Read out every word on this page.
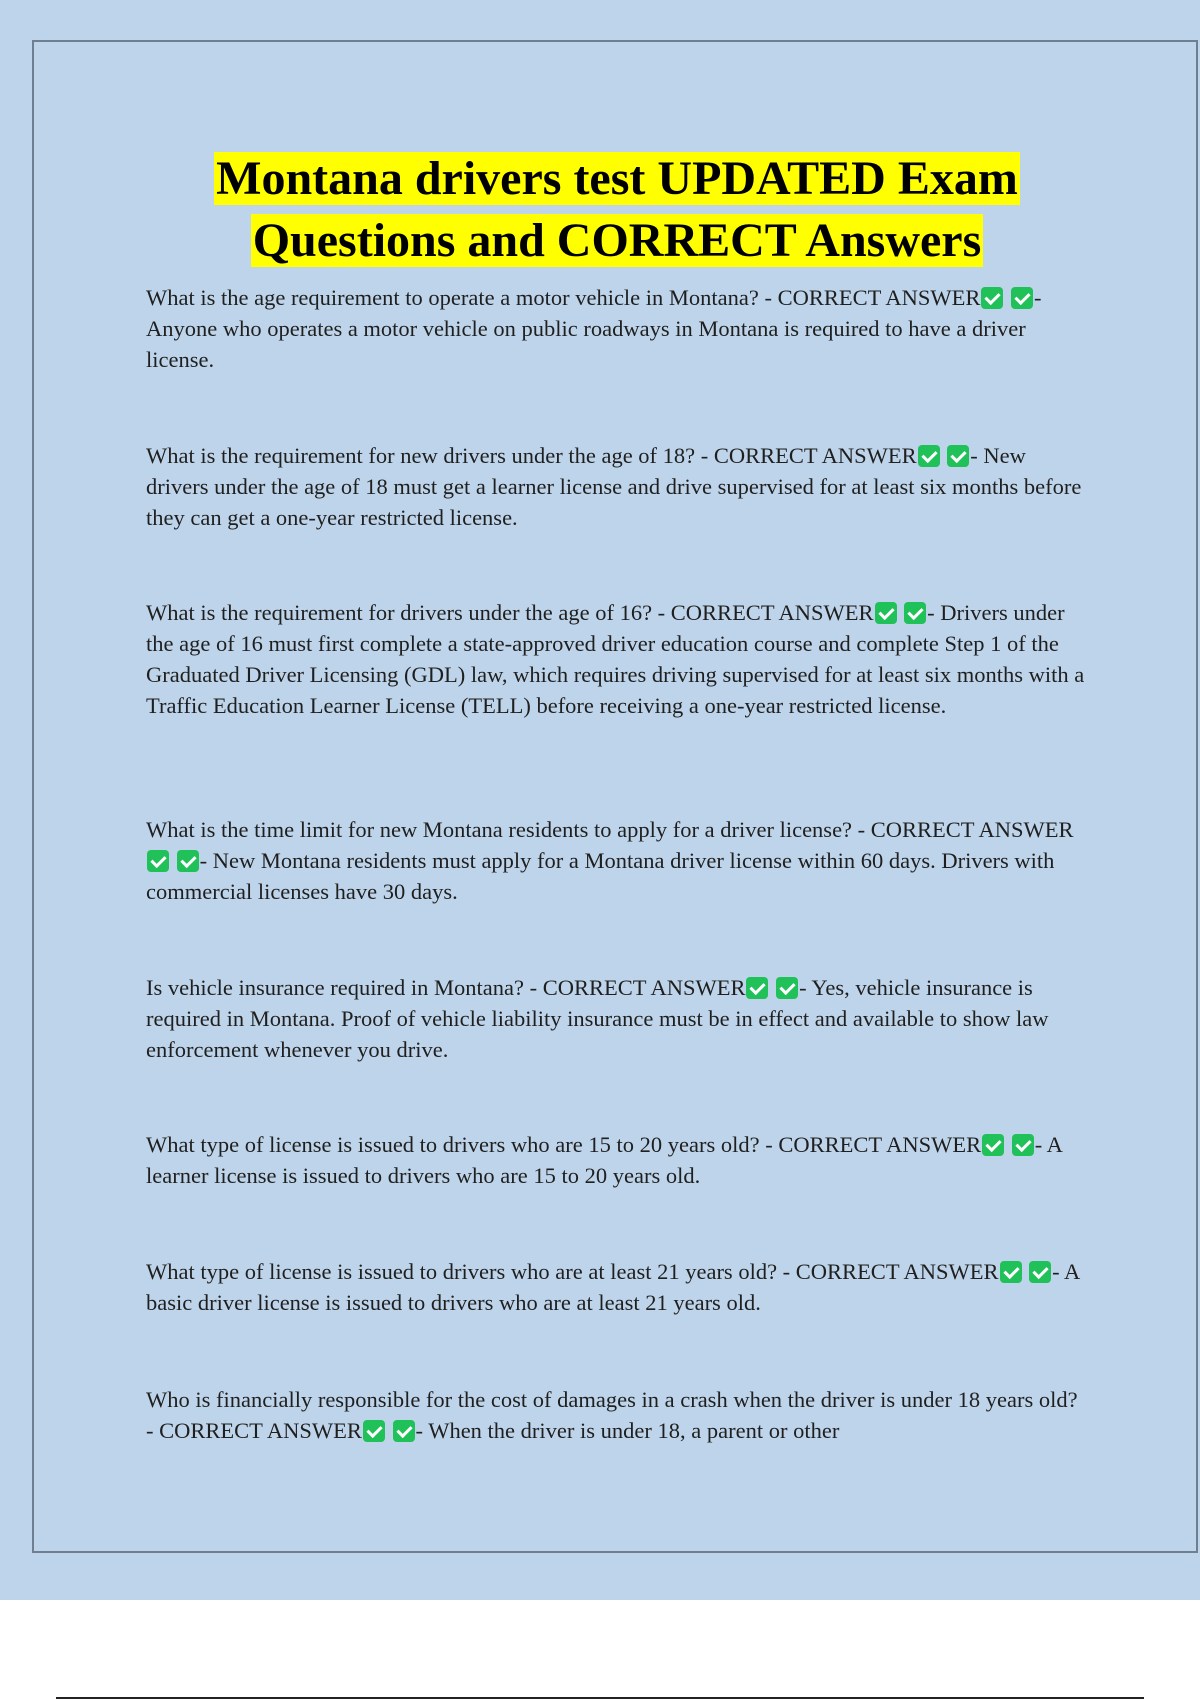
Montana drivers test UPDATED Exam
Questions and CORRECT Answers

What is the age requirement to operate a motor vehicle in Montana? - CORRECT ANSWER - Anyone who operates a motor vehicle on public roadways in Montana is required to have a driver license.

What is the requirement for new drivers under the age of 18? - CORRECT ANSWER - New drivers under the age of 18 must get a learner license and drive supervised for at least six months before they can get a one-year restricted license.

What is the requirement for drivers under the age of 16? - CORRECT ANSWER - Drivers under the age of 16 must first complete a state-approved driver education course and complete Step 1 of the Graduated Driver Licensing (GDL) law, which requires driving supervised for at least six months with a Traffic Education Learner License (TELL) before receiving a one-year restricted license.

What is the time limit for new Montana residents to apply for a driver license? - CORRECT ANSWER - New Montana residents must apply for a Montana driver license within 60 days. Drivers with commercial licenses have 30 days.

Is vehicle insurance required in Montana? - CORRECT ANSWER - Yes, vehicle insurance is required in Montana. Proof of vehicle liability insurance must be in effect and available to show law enforcement whenever you drive.

What type of license is issued to drivers who are 15 to 20 years old? - CORRECT ANSWER - A learner license is issued to drivers who are 15 to 20 years old.

What type of license is issued to drivers who are at least 21 years old? - CORRECT ANSWER - A basic driver license is issued to drivers who are at least 21 years old.

Who is financially responsible for the cost of damages in a crash when the driver is under 18 years old? - CORRECT ANSWER - When the driver is under 18, a parent or other
